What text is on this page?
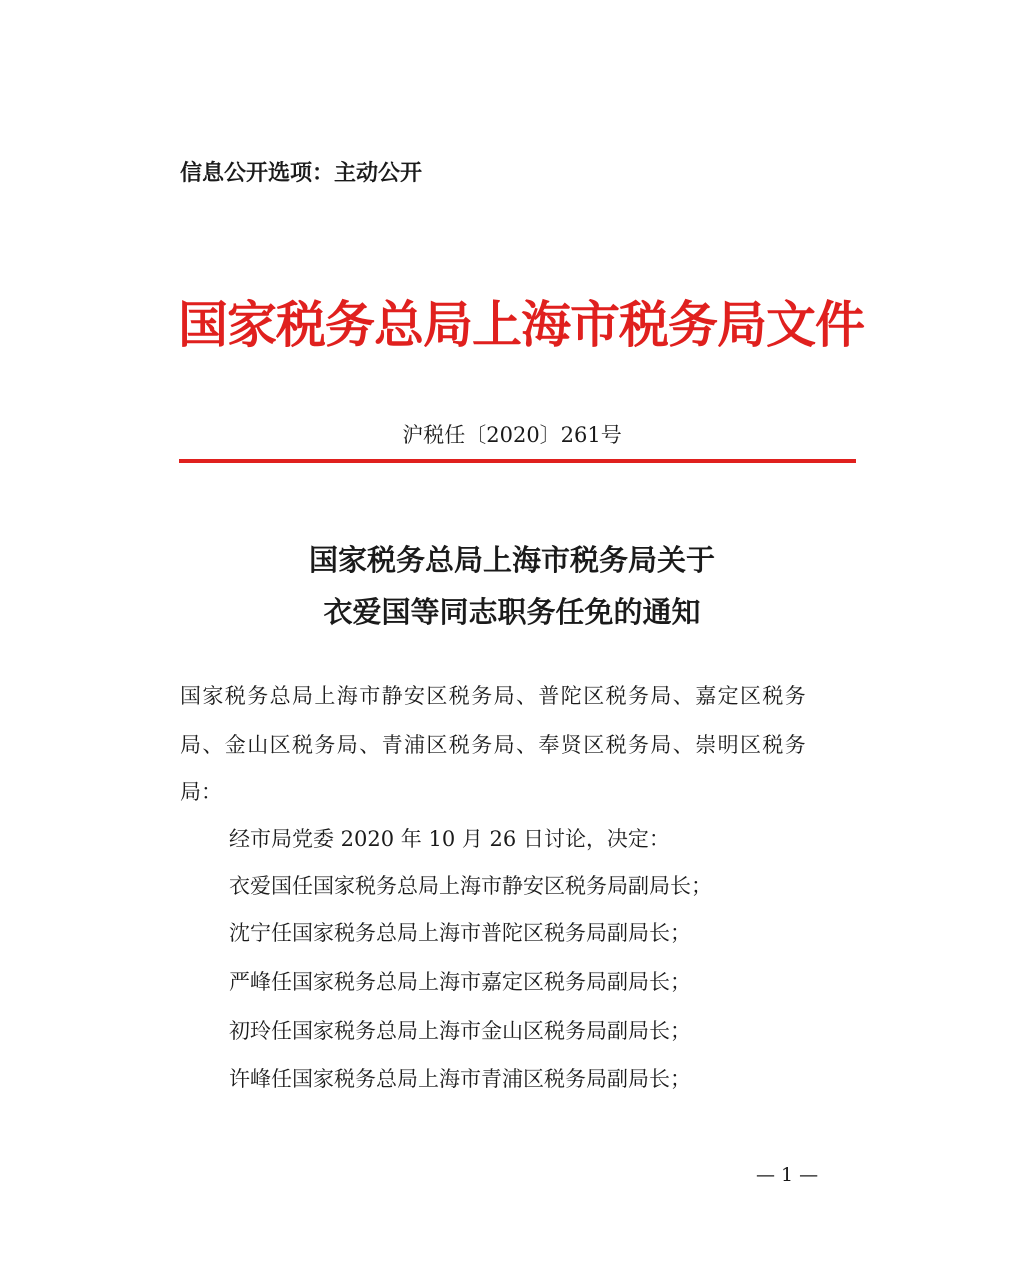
信息公开选项：主动公开
国家税务总局上海市税务局文件
沪税任〔2020〕261号
国家税务总局上海市税务局关于
衣爱国等同志职务任免的通知
国家税务总局上海市静安区税务局、普陀区税务局、嘉定区税务
局、金山区税务局、青浦区税务局、奉贤区税务局、崇明区税务
局：
经市局党委 2020 年 10 月 26 日讨论，决定：
衣爱国任国家税务总局上海市静安区税务局副局长；
沈宁任国家税务总局上海市普陀区税务局副局长；
严峰任国家税务总局上海市嘉定区税务局副局长；
初玲任国家税务总局上海市金山区税务局副局长；
许峰任国家税务总局上海市青浦区税务局副局长；
— 1 —
